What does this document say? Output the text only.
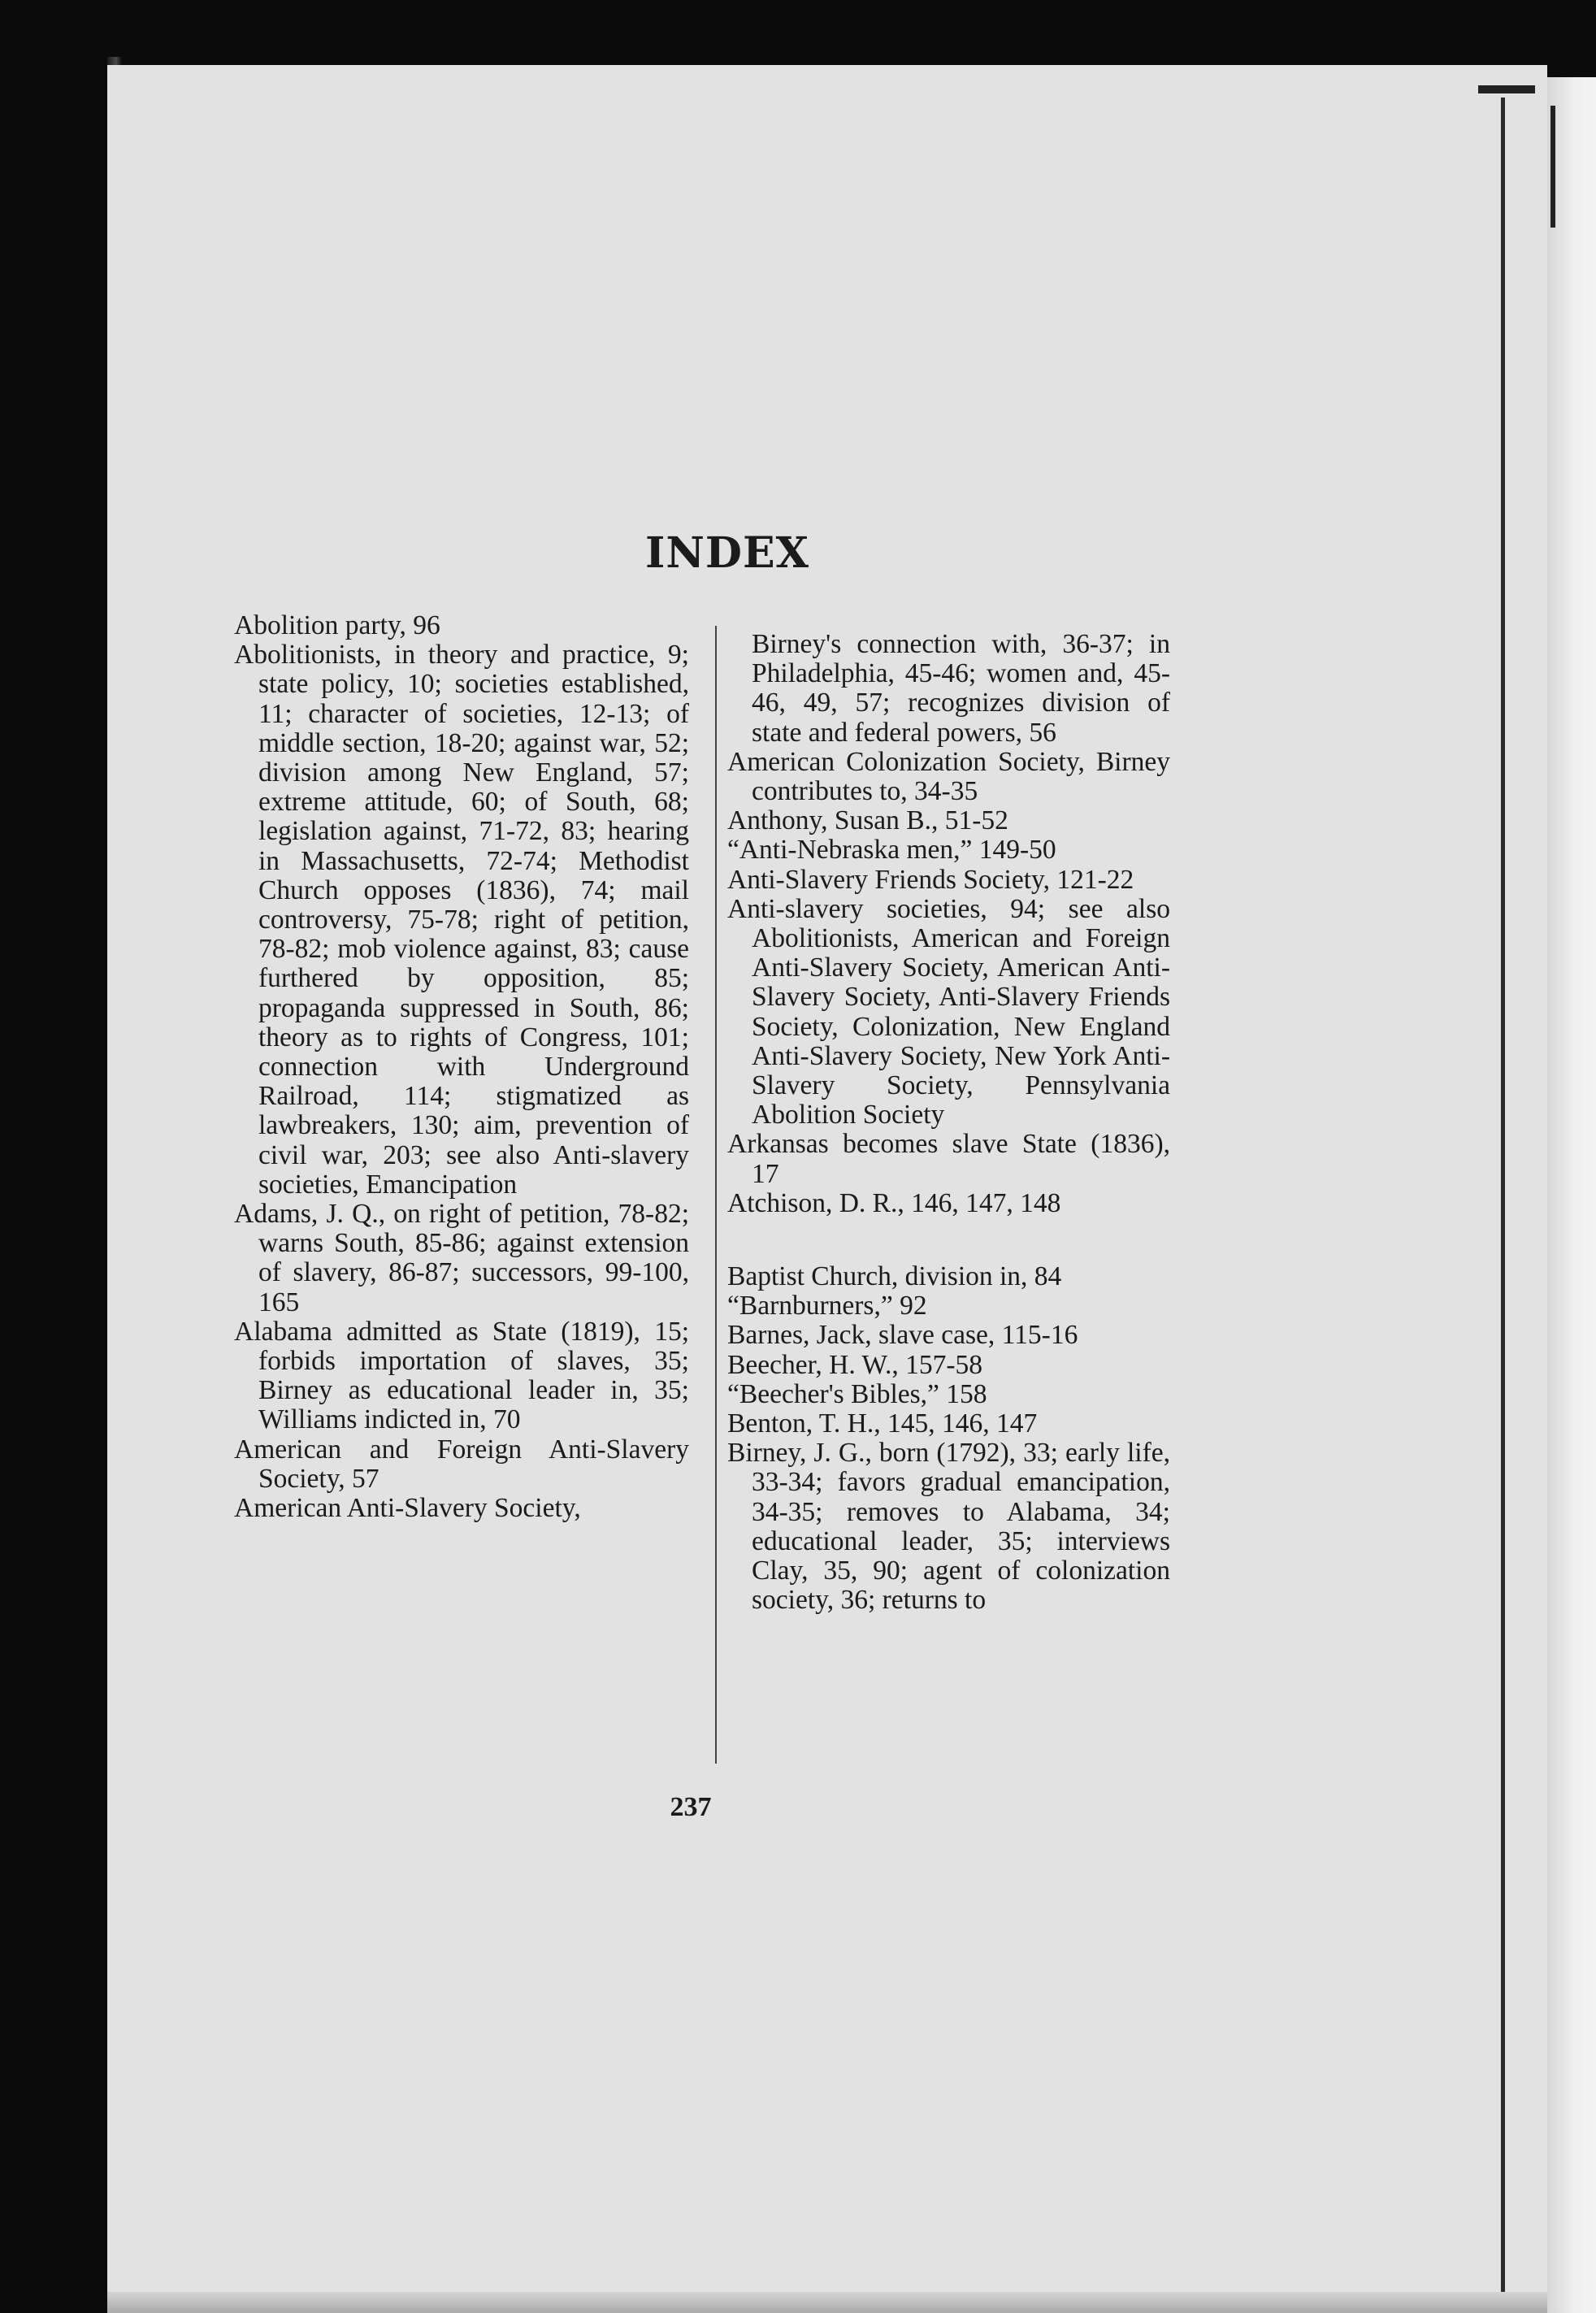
INDEX

Abolition party, 96

Abolitionists, in theory and practice, 9; state policy, 10; societies established, 11; character of societies, 12-13; of middle section, 18-20; against war, 52; division among New England, 57; extreme attitude, 60; of South, 68; legislation against, 71-72, 83; hearing in Massachusetts, 72-74; Methodist Church opposes (1836), 74; mail controversy, 75-78; right of petition, 78-82; mob violence against, 83; cause furthered by opposition, 85; propaganda suppressed in South, 86; theory as to rights of Congress, 101; connection with Underground Railroad, 114; stigmatized as lawbreakers, 130; aim, prevention of civil war, 203; see also Anti-slavery societies, Emancipation

Adams, J. Q., on right of petition, 78-82; warns South, 85-86; against extension of slavery, 86-87; successors, 99-100, 165

Alabama admitted as State (1819), 15; forbids importation of slaves, 35; Birney as educational leader in, 35; Williams indicted in, 70

American and Foreign Anti-Slavery Society, 57

American Anti-Slavery Society,

Birney's connection with, 36-37; in Philadelphia, 45-46; women and, 45-46, 49, 57; recognizes division of state and federal powers, 56

American Colonization Society, Birney contributes to, 34-35

Anthony, Susan B., 51-52

“Anti-Nebraska men,” 149-50

Anti-Slavery Friends Society, 121-22

Anti-slavery societies, 94; see also Abolitionists, American and Foreign Anti-Slavery Society, American Anti-Slavery Society, Anti-Slavery Friends Society, Colonization, New England Anti-Slavery Society, New York Anti-Slavery Society, Pennsylvania Abolition Society

Arkansas becomes slave State (1836), 17

Atchison, D. R., 146, 147, 148

Baptist Church, division in, 84

“Barnburners,” 92

Barnes, Jack, slave case, 115-16

Beecher, H. W., 157-58

“Beecher's Bibles,” 158

Benton, T. H., 145, 146, 147

Birney, J. G., born (1792), 33; early life, 33-34; favors gradual emancipation, 34-35; removes to Alabama, 34; educational leader, 35; interviews Clay, 35, 90; agent of colonization society, 36; returns to

237
